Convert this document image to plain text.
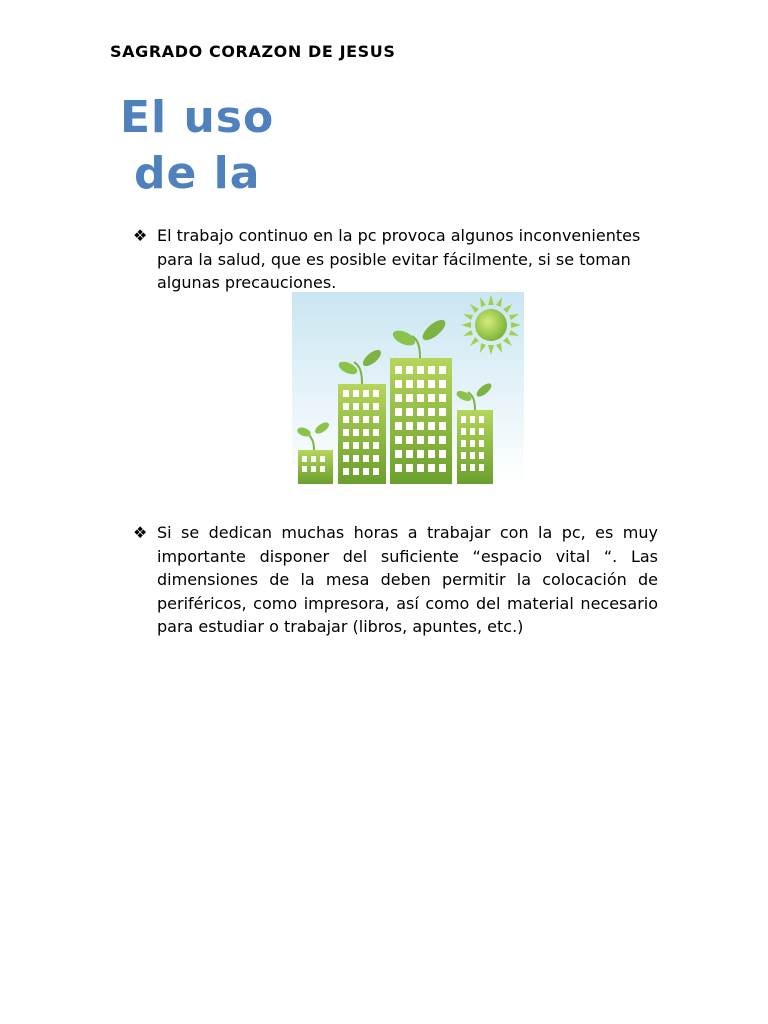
SAGRADO CORAZON DE JESUS
El uso
de la
❖ El trabajo continuo en la pc provoca algunos inconvenientes para la salud, que es posible evitar fácilmente, si se toman algunas precauciones.
❖ Si se dedican muchas horas a trabajar con la pc, es muy importante disponer del suficiente “espacio vital “. Las dimensiones de la mesa deben permitir la colocación de periféricos, como impresora, así como del material necesario para estudiar o trabajar (libros, apuntes, etc.)
